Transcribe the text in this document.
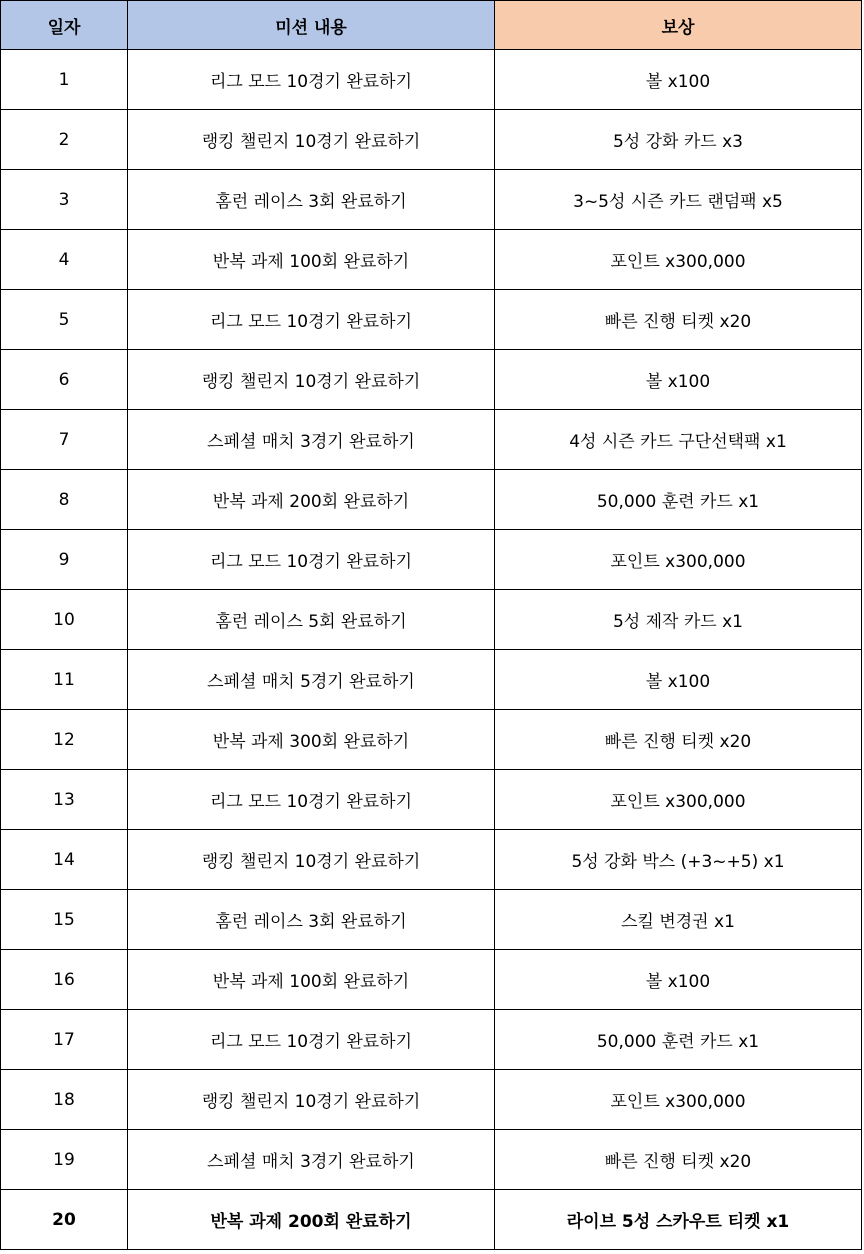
일자	미션 내용	보상
1	리그 모드 10경기 완료하기	볼 x100
2	랭킹 챌린지 10경기 완료하기	5성 강화 카드 x3
3	홈런 레이스 3회 완료하기	3~5성 시즌 카드 랜덤팩 x5
4	반복 과제 100회 완료하기	포인트 x300,000
5	리그 모드 10경기 완료하기	빠른 진행 티켓 x20
6	랭킹 챌린지 10경기 완료하기	볼 x100
7	스페셜 매치 3경기 완료하기	4성 시즌 카드 구단선택팩 x1
8	반복 과제 200회 완료하기	50,000 훈련 카드 x1
9	리그 모드 10경기 완료하기	포인트 x300,000
10	홈런 레이스 5회 완료하기	5성 제작 카드 x1
11	스페셜 매치 5경기 완료하기	볼 x100
12	반복 과제 300회 완료하기	빠른 진행 티켓 x20
13	리그 모드 10경기 완료하기	포인트 x300,000
14	랭킹 챌린지 10경기 완료하기	5성 강화 박스 (+3~+5) x1
15	홈런 레이스 3회 완료하기	스킬 변경권 x1
16	반복 과제 100회 완료하기	볼 x100
17	리그 모드 10경기 완료하기	50,000 훈련 카드 x1
18	랭킹 챌린지 10경기 완료하기	포인트 x300,000
19	스페셜 매치 3경기 완료하기	빠른 진행 티켓 x20
20	반복 과제 200회 완료하기	라이브 5성 스카우트 티켓 x1
